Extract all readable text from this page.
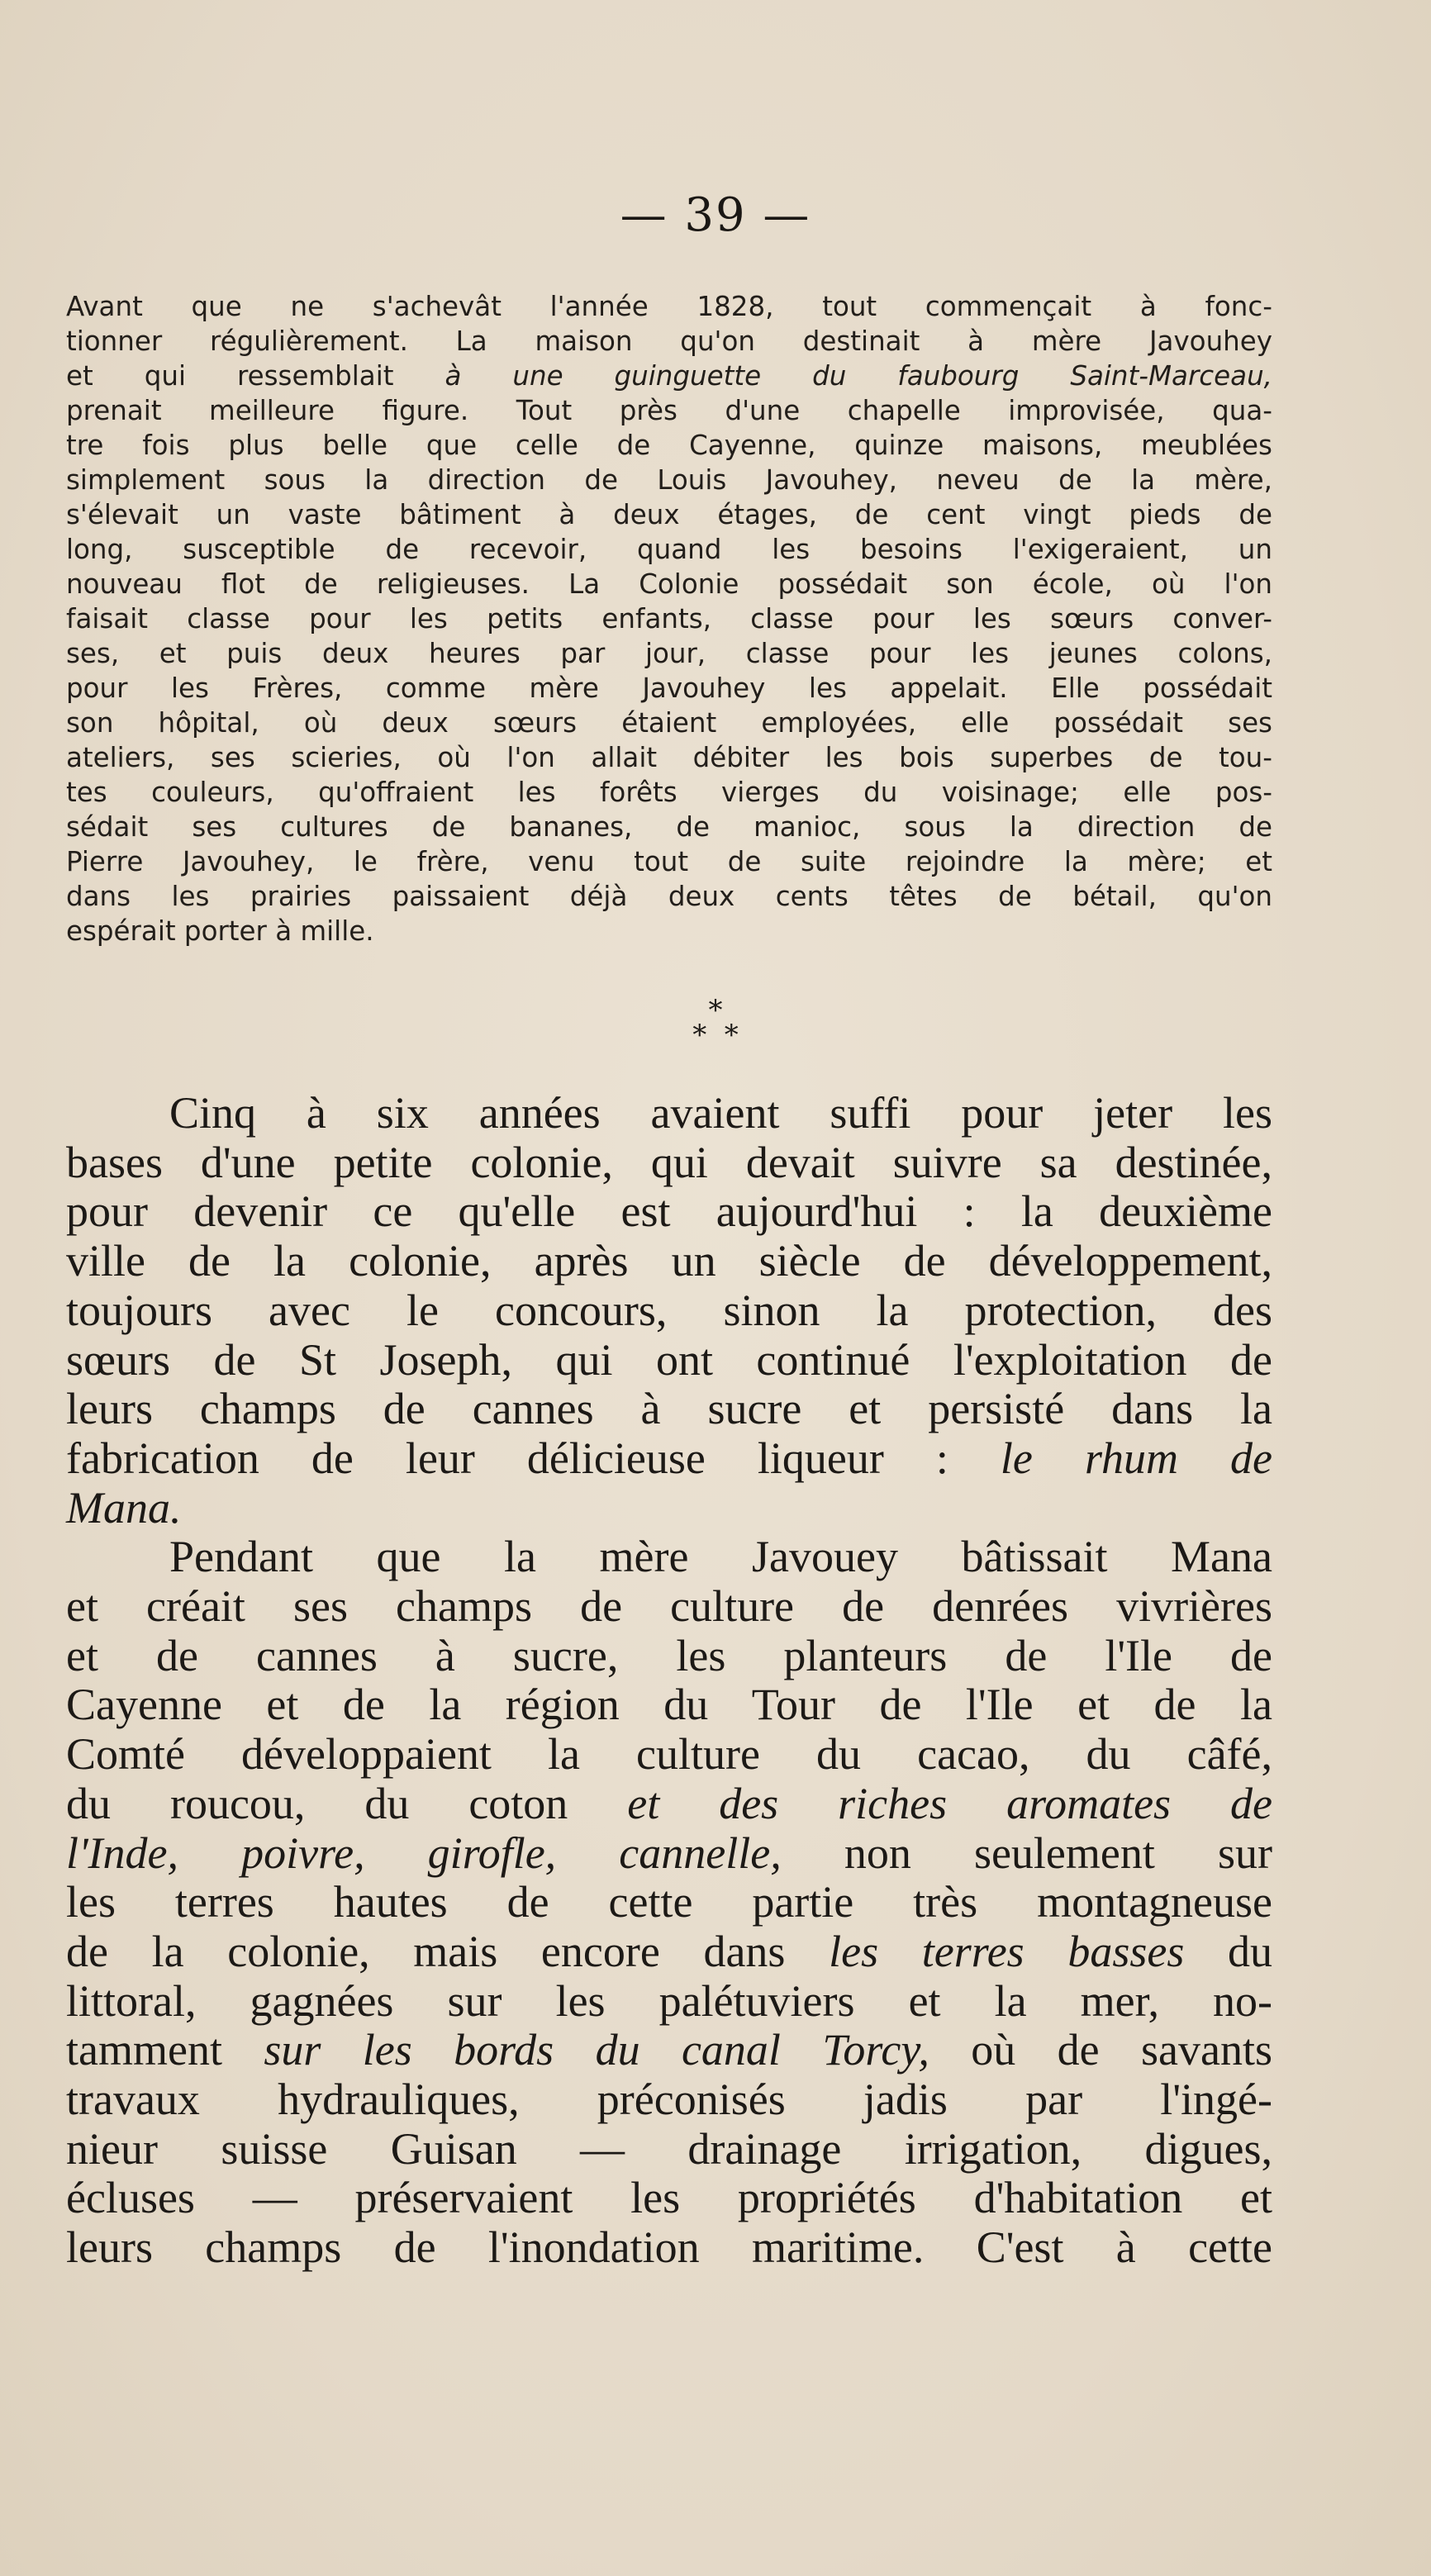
— 39 —
Avant que ne s'achevât l'année 1828, tout commençait à fonc-
tionner régulièrement. La maison qu'on destinait à mère Javouhey
et qui ressemblait à une guinguette du faubourg Saint-Marceau,
prenait meilleure figure. Tout près d'une chapelle improvisée, qua-
tre fois plus belle que celle de Cayenne, quinze maisons, meublées
simplement sous la direction de Louis Javouhey, neveu de la mère,
s'élevait un vaste bâtiment à deux étages, de cent vingt pieds de
long, susceptible de recevoir, quand les besoins l'exigeraient, un
nouveau flot de religieuses. La Colonie possédait son école, où l'on
faisait classe pour les petits enfants, classe pour les sœurs conver-
ses, et puis deux heures par jour, classe pour les jeunes colons,
pour les Frères, comme mère Javouhey les appelait. Elle possédait
son hôpital, où deux sœurs étaient employées, elle possédait ses
ateliers, ses scieries, où l'on allait débiter les bois superbes de tou-
tes couleurs, qu'offraient les forêts vierges du voisinage; elle pos-
sédait ses cultures de bananes, de manioc, sous la direction de
Pierre Javouhey, le frère, venu tout de suite rejoindre la mère; et
dans les prairies paissaient déjà deux cents têtes de bétail, qu'on
espérait porter à mille.
*
*  *
Cinq à six années avaient suffi pour jeter les
bases d'une petite colonie, qui devait suivre sa destinée,
pour devenir ce qu'elle est aujourd'hui : la deuxième
ville de la colonie, après un siècle de développement,
toujours avec le concours, sinon la protection, des
sœurs de St Joseph, qui ont continué l'exploitation de
leurs champs de cannes à sucre et persisté dans la
fabrication de leur délicieuse liqueur : le rhum de
Mana.
Pendant que la mère Javouey bâtissait Mana
et créait ses champs de culture de denrées vivrières
et de cannes à sucre, les planteurs de l'Ile de
Cayenne et de la région du Tour de l'Ile et de la
Comté développaient la culture du cacao, du câfé,
du roucou, du coton et des riches aromates de
l'Inde, poivre, girofle, cannelle, non seulement sur
les terres hautes de cette partie très montagneuse
de la colonie, mais encore dans les terres basses du
littoral, gagnées sur les palétuviers et la mer, no-
tamment sur les bords du canal Torcy, où de savants
travaux hydrauliques, préconisés jadis par l'ingé-
nieur suisse Guisan — drainage irrigation, digues,
écluses — préservaient les propriétés d'habitation et
leurs champs de l'inondation maritime. C'est à cette
